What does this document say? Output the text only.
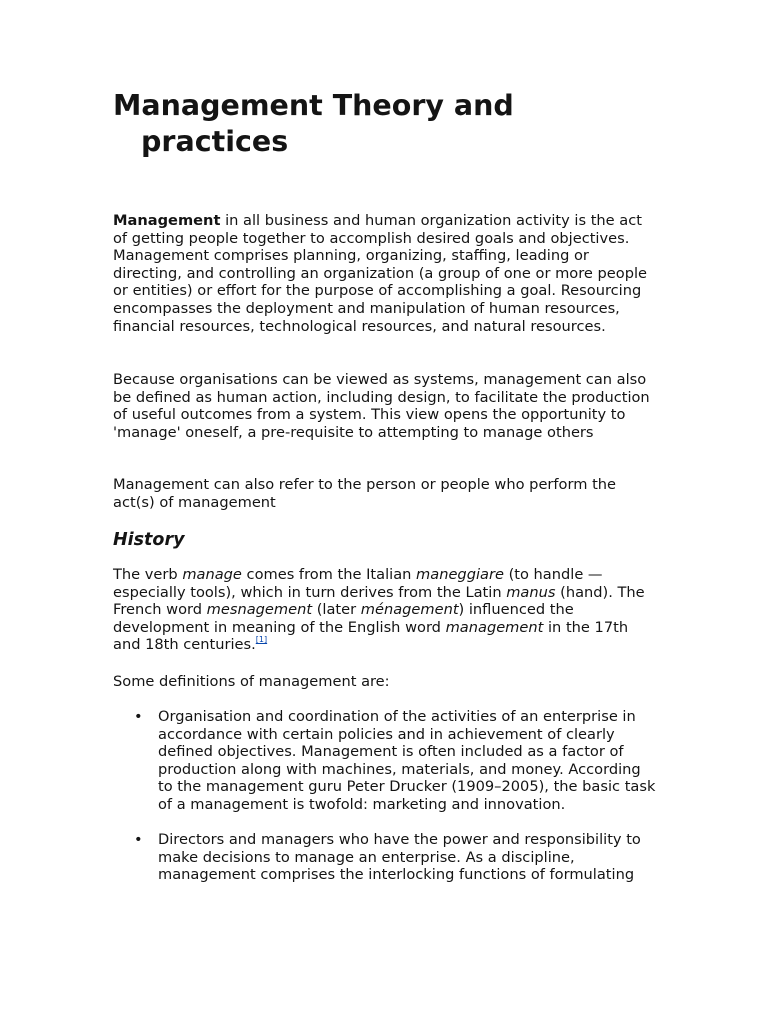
Management Theory and
practices

Management in all business and human organization activity is the act of getting people together to accomplish desired goals and objectives. Management comprises planning, organizing, staffing, leading or directing, and controlling an organization (a group of one or more people or entities) or effort for the purpose of accomplishing a goal. Resourcing encompasses the deployment and manipulation of human resources, financial resources, technological resources, and natural resources.

Because organisations can be viewed as systems, management can also be defined as human action, including design, to facilitate the production of useful outcomes from a system. This view opens the opportunity to 'manage' oneself, a pre-requisite to attempting to manage others

Management can also refer to the person or people who perform the act(s) of management

History

The verb manage comes from the Italian maneggiare (to handle — especially tools), which in turn derives from the Latin manus (hand). The French word mesnagement (later ménagement) influenced the development in meaning of the English word management in the 17th and 18th centuries.[1]

Some definitions of management are:

• Organisation and coordination of the activities of an enterprise in accordance with certain policies and in achievement of clearly defined objectives. Management is often included as a factor of production along with machines, materials, and money. According to the management guru Peter Drucker (1909–2005), the basic task of a management is twofold: marketing and innovation.
• Directors and managers who have the power and responsibility to make decisions to manage an enterprise. As a discipline, management comprises the interlocking functions of formulating
